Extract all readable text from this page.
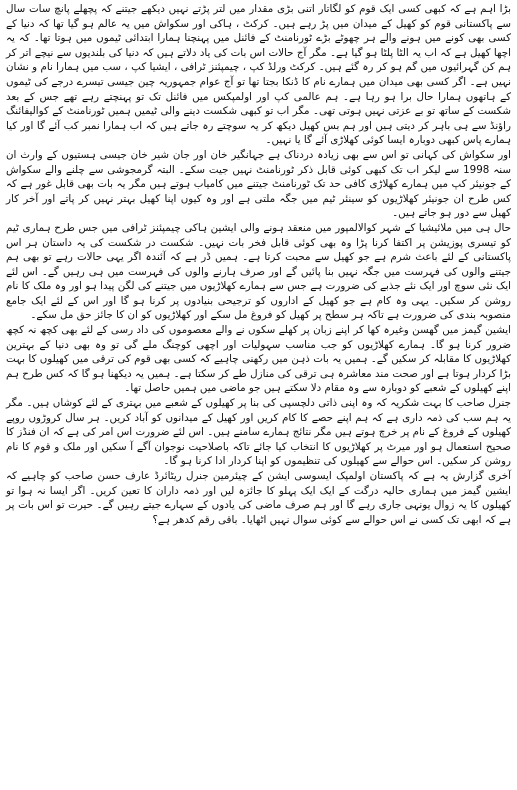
بڑا اہم ہے کہ کبھی کسی ایک قوم کو لگاتار اتنی بڑی مقدار میں لتر پڑتے نہیں دیکھے جیتنے کہ پچھلے پانچ سات سال سے پاکستانی قوم کو کھیل کے میدان میں پڑ رہے ہیں۔ کرکٹ ، ہاکی اور سکواش میں یہ عالم ہو گیا تھا کہ دنیا کے کسی بھی کونے میں ہونے والے ہر چھوٹے بڑے ٹورنامنٹ کے فائنل میں پہنچنا ہمارا ابتدائی ٹیموں میں ہوتا تھا۔ کہ یہ اچھا کھیل ہے کہ اب یہ الٹا پلٹا ہو گیا ہے۔ مگر آج حالات اس بات کی یاد دلاتے ہیں کہ دنیا کی بلندیوں سے نیچے اتر کر ہم کن گہرائیوں میں گم ہو کر رہ گئے ہیں۔ کرکٹ ورلڈ کپ ، چیمپئنز ٹرافی ، ایشیا کپ ، سب میں ہمارا نام و نشان نہیں ہے۔ اگر کسی بھی میدان میں ہمارے نام کا ڈنکا بجتا تھا تو آج عوام جمہوریہ چین جیسی تیسرے درجے کی ٹیموں کے ہاتھوں ہمارا حال برا ہو رہا ہے۔ ہم عالمی کپ اور اولمپکس میں فائنل تک تو پہنچتے رہے تھے جس کے بعد شکست کے ساتھ تو بے عزتی نہیں ہوتی تھی۔ مگر اب تو کبھی شکست دینے والی ٹیمیں ہمیں ٹورنامنٹ کے کوالیفائنگ راؤنڈ سے ہی باہر کر دیتی ہیں اور ہم بس کھیل دیکھ کر یہ سوچتے رہ جاتے ہیں کہ اب ہمارا نمبر کب آئے گا اور کیا ہمارے پاس کبھی دوبارہ ایسا کوئی کھلاڑی آئے گا یا نہیں۔

اور سکواش کی کہانی تو اس سے بھی زیادہ دردناک ہے جہانگیر خان اور جان شیر خان جیسی ہستیوں کے وارث ان سنہ 1998 سے لیکر اب تک کبھی کوئی قابل ذکر ٹورنامنٹ نہیں جیت سکے۔ البتہ گرمجوشی سے چلنے والے سکواش کے جونیئر کپ میں ہمارے کھلاڑی کافی حد تک ٹورنامنٹ جیتنے میں کامیاب ہوتے ہیں مگر یہ بات بھی قابل غور ہے کہ کس طرح ان جونیئر کھلاڑیوں کو سینئر ٹیم میں جگہ ملتی ہے اور وہ کیوں اپنا کھیل بہتر نہیں کر پاتے اور آخر کار کھیل سے دور ہو جاتے ہیں۔

حال ہی میں ملائیشیا کے شہر کوالالمپور میں منعقد ہونے والی ایشین ہاکی چیمپئنز ٹرافی میں جس طرح ہماری ٹیم کو تیسری پوزیشن پر اکتفا کرنا پڑا وہ بھی کوئی قابل فخر بات نہیں۔ شکست در شکست کی یہ داستان ہر اس پاکستانی کے لئے باعث شرم ہے جو کھیل سے محبت کرتا ہے۔ ہمیں ڈر ہے کہ آئندہ اگر یہی حالات رہے تو بھی ہم جیتنے والوں کی فہرست میں جگہ نہیں بنا پائیں گے اور صرف ہارنے والوں کی فہرست میں ہی رہیں گے۔ اس لئے ایک نئی سوچ اور ایک نئے جذبے کی ضرورت ہے جس سے ہمارے کھلاڑیوں میں جیتنے کی لگن پیدا ہو اور وہ ملک کا نام روشن کر سکیں۔ یہی وہ کام ہے جو کھیل کے اداروں کو ترجیحی بنیادوں پر کرنا ہو گا اور اس کے لئے ایک جامع منصوبہ بندی کی ضرورت ہے تاکہ ہر سطح پر کھیل کو فروغ مل سکے اور کھلاڑیوں کو ان کا جائز حق مل سکے۔

ایشین گیمز میں گھسن وغیرہ کھا کر اپنے زبان پر کھلے سکوں نے والے معصوموں کی داد رسی کے لئے بھی کچھ نہ کچھ ضرور کرنا ہو گا۔ ہمارے کھلاڑیوں کو جب مناسب سہولیات اور اچھی کوچنگ ملے گی تو وہ بھی دنیا کے بہترین کھلاڑیوں کا مقابلہ کر سکیں گے۔ ہمیں یہ بات ذہن میں رکھنی چاہیے کہ کسی بھی قوم کی ترقی میں کھیلوں کا بہت بڑا کردار ہوتا ہے اور صحت مند معاشرہ ہی ترقی کی منازل طے کر سکتا ہے۔ ہمیں یہ دیکھنا ہو گا کہ کس طرح ہم اپنے کھیلوں کے شعبے کو دوبارہ سے وہ مقام دلا سکتے ہیں جو ماضی میں ہمیں حاصل تھا۔

جنرل صاحب کا بہت شکریہ کہ وہ اپنی ذاتی دلچسپی کی بنا پر کھیلوں کے شعبے میں بہتری کے لئے کوشاں ہیں۔ مگر یہ ہم سب کی ذمہ داری ہے کہ ہم اپنے حصے کا کام کریں اور کھیل کے میدانوں کو آباد کریں۔ ہر سال کروڑوں روپے کھیلوں کے فروغ کے نام پر خرچ ہوتے ہیں مگر نتائج ہمارے سامنے ہیں۔ اس لئے ضرورت اس امر کی ہے کہ ان فنڈز کا صحیح استعمال ہو اور میرٹ پر کھلاڑیوں کا انتخاب کیا جائے تاکہ باصلاحیت نوجوان آگے آ سکیں اور ملک و قوم کا نام روشن کر سکیں۔ اس حوالے سے کھیلوں کی تنظیموں کو اپنا کردار ادا کرنا ہو گا۔

آخری گزارش یہ ہے کہ پاکستان اولمپک ایسوسی ایشن کے چیئرمین جنرل ریٹائرڈ عارف حسن صاحب کو چاہیے کہ ایشین گیمز میں ہماری حالیہ درگت کے ایک ایک پہلو کا جائزہ لیں اور ذمہ داران کا تعین کریں۔ اگر ایسا نہ ہوا تو کھیلوں کا یہ زوال یونہی جاری رہے گا اور ہم صرف ماضی کی یادوں کے سہارے جیتے رہیں گے۔ حیرت تو اس بات پر ہے کہ ابھی تک کسی نے اس حوالے سے کوئی سوال نہیں اٹھایا۔ باقی رقم کدھر ہے؟
